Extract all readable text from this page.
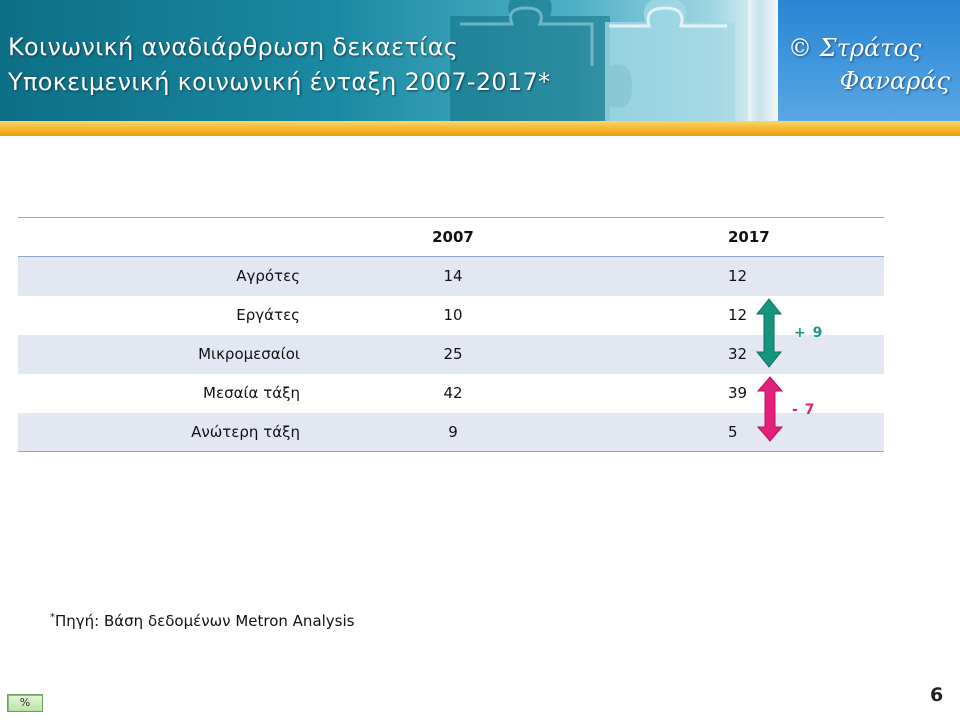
Κοινωνική αναδιάρθρωση δεκαετίας
Υποκειμενική κοινωνική ένταξη 2007-2017*
© Στράτος
Φαναράς
	2007	2017
Αγρότες	14	12
Εργάτες	10	12
Μικρομεσαίοι	25	32
Μεσαία τάξη	42	39
Ανώτερη τάξη	9	5
+ 9
- 7
*Πηγή: Βάση δεδομένων Metron Analysis
%	6
